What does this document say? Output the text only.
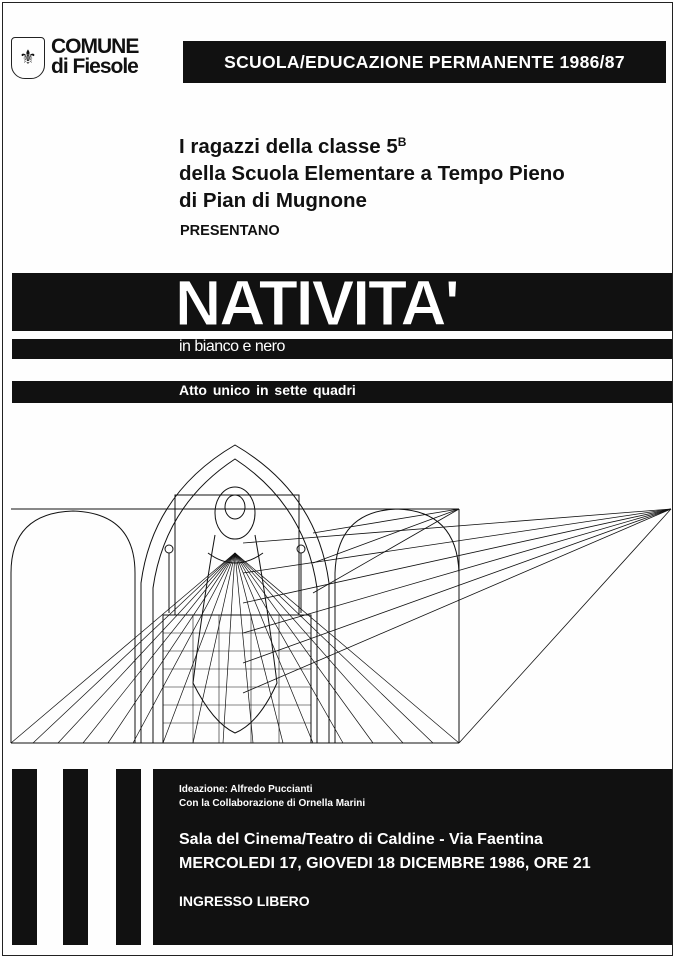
⚜ COMUNE
di Fiesole	SCUOLA/EDUCAZIONE PERMANENTE 1986/87
I ragazzi della classe $5^B$
della Scuola Elementare a Tempo Pieno
di Pian di Mugnone
PRESENTANO
NATIVITA'
in bianco e nero
Atto unico in sette quadri
Ideazione: Alfredo Puccianti
Con la Collaborazione di Ornella Marini
Sala del Cinema/Teatro di Caldine - Via Faentina
MERCOLEDI 17, GIOVEDI 18 DICEMBRE 1986, ORE 21
INGRESSO LIBERO
